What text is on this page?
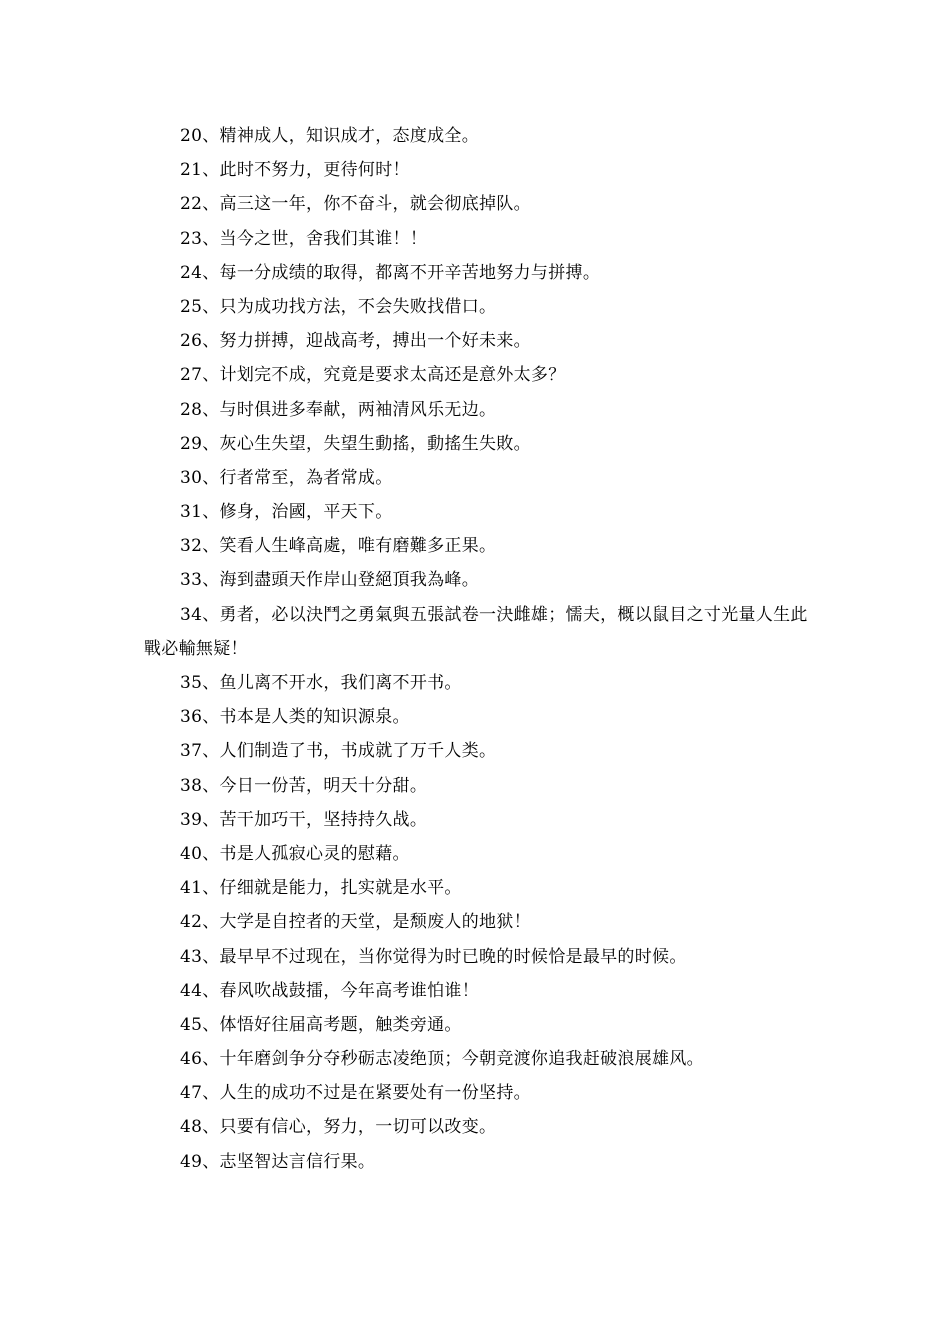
20、精神成人，知识成才，态度成全。
21、此时不努力，更待何时！
22、高三这一年，你不奋斗，就会彻底掉队。
23、当今之世，舍我们其谁！！
24、每一分成绩的取得，都离不开辛苦地努力与拼搏。
25、只为成功找方法，不会失败找借口。
26、努力拼搏，迎战高考，搏出一个好未来。
27、计划完不成，究竟是要求太高还是意外太多？
28、与时俱进多奉献，两袖清风乐无边。
29、灰心生失望，失望生動搖，動搖生失敗。
30、行者常至，為者常成。
31、修身，治國，平天下。
32、笑看人生峰高處，唯有磨難多正果。
33、海到盡頭天作岸山登絕頂我為峰。
34、勇者，必以決鬥之勇氣與五張試卷一決雌雄；懦夫，概以鼠目之寸光量人生此戰必輸無疑！
35、鱼儿离不开水，我们离不开书。
36、书本是人类的知识源泉。
37、人们制造了书，书成就了万千人类。
38、今日一份苦，明天十分甜。
39、苦干加巧干，坚持持久战。
40、书是人孤寂心灵的慰藉。
41、仔细就是能力，扎实就是水平。
42、大学是自控者的天堂，是颓废人的地狱！
43、最早早不过现在，当你觉得为时已晚的时候恰是最早的时候。
44、春风吹战鼓擂，今年高考谁怕谁！
45、体悟好往届高考题，触类旁通。
46、十年磨剑争分夺秒砺志凌绝顶；今朝竞渡你追我赶破浪展雄风。
47、人生的成功不过是在紧要处有一份坚持。
48、只要有信心，努力，一切可以改变。
49、志坚智达言信行果。
